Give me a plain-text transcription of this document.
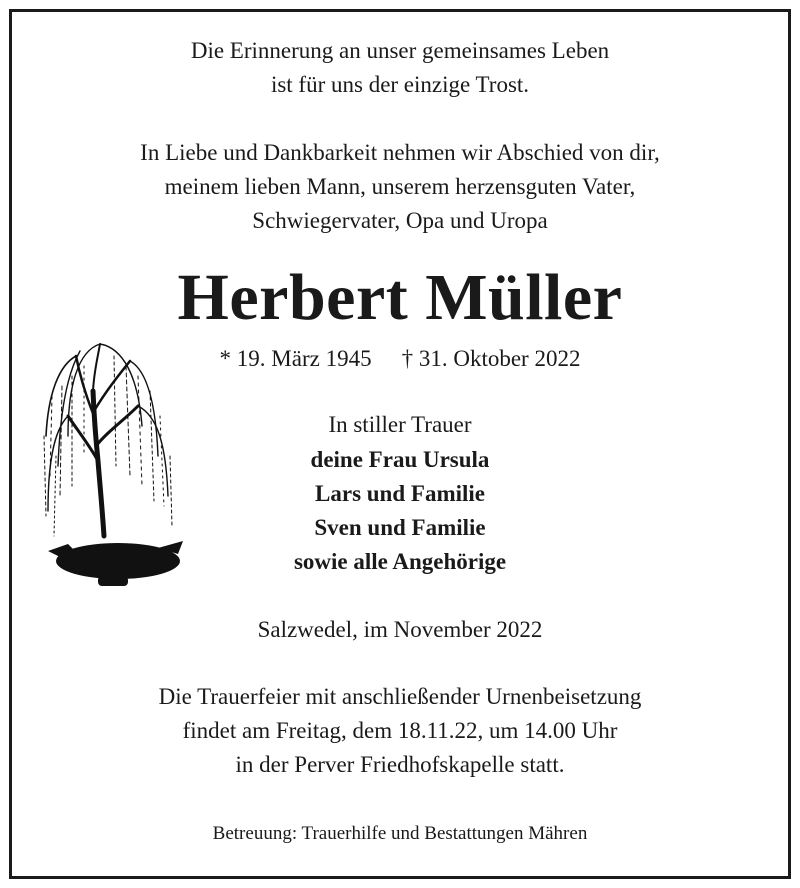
Die Erinnerung an unser gemeinsames Leben
ist für uns der einzige Trost.
In Liebe und Dankbarkeit nehmen wir Abschied von dir,
meinem lieben Mann, unserem herzensguten Vater,
Schwiegervater, Opa und Uropa
Herbert Müller
* 19. März 1945 † 31. Oktober 2022
In stiller Trauer
deine Frau Ursula
Lars und Familie
Sven und Familie
sowie alle Angehörige
Salzwedel, im November 2022
Die Trauerfeier mit anschließender Urnenbeisetzung
findet am Freitag, dem 18.11.22, um 14.00 Uhr
in der Perver Friedhofskapelle statt.
Betreuung: Trauerhilfe und Bestattungen Mähren
